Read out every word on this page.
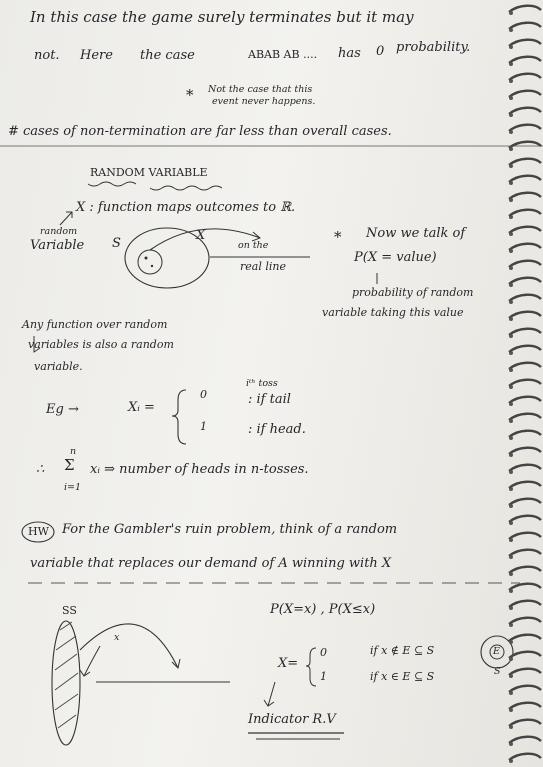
In this case the game surely terminates but it may
not. Here the case	ABAB AB .... has 0 probability.
* Not the case that this
event never happens.
# cases of non-termination are far less than overall cases.
RANDOM VARIABLE
X : function maps outcomes to ℝ.
random
Variable S
X
on the
real line
* Now we talk of
P(X = value)
probability of random
variable taking this value
Any function over random
variables is also a random
variable.
Eg →	Xᵢ =
iᵗʰ toss
0	: if tail
1	: if head.
∴
n
Σ
i=1
xᵢ ⇒ number of heads in n-tosses.
HW For the Gambler's ruin problem, think of a random
variable that replaces our demand of A winning with X
SS
x
P(X=x) , P(X≤x)
X=
0	if x ∉ E ⊆ S
1	if x ∈ E ⊆ S
E
S
Indicator R.V
